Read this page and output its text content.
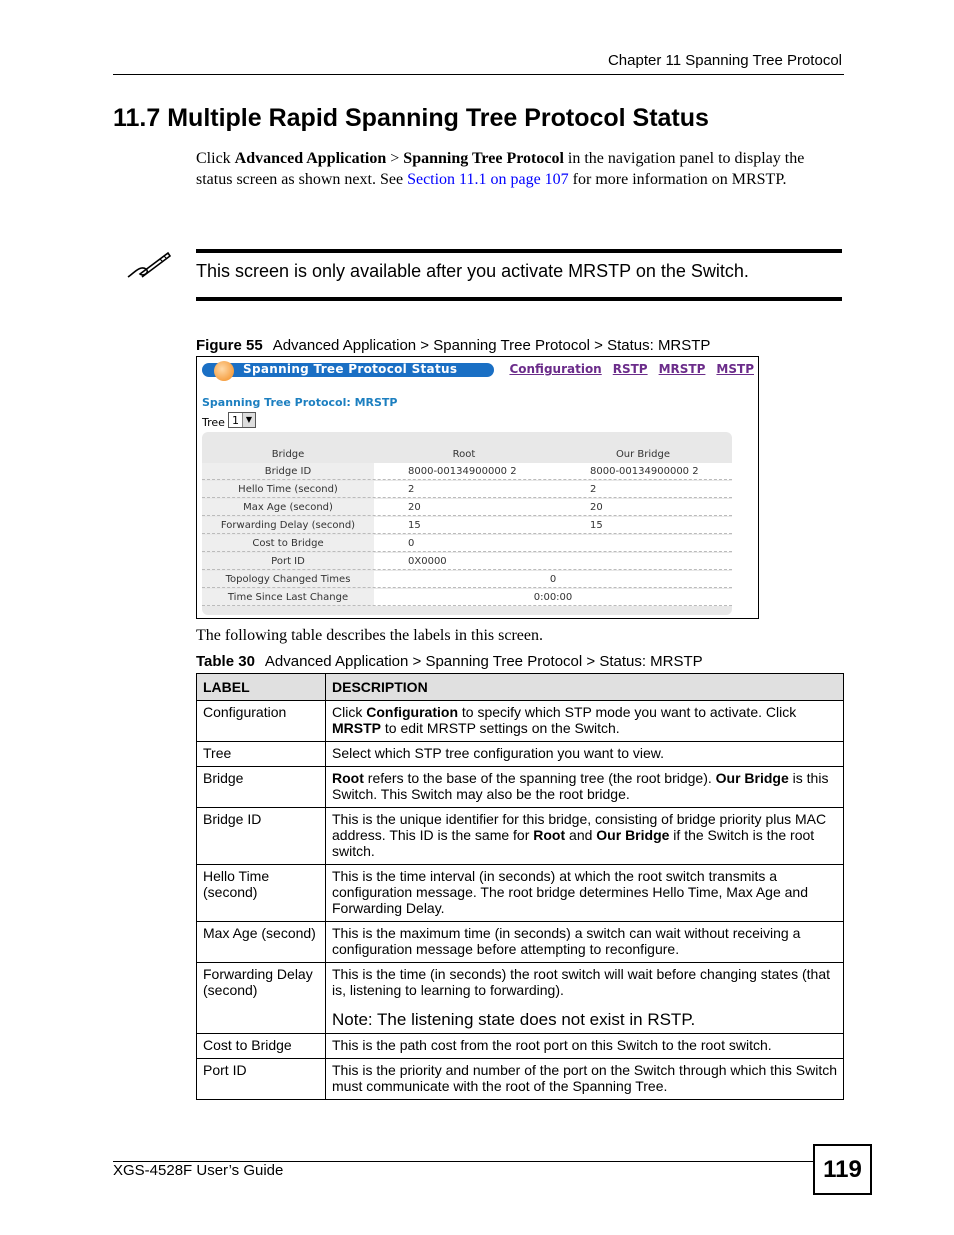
Chapter 11 Spanning Tree Protocol
11.7 Multiple Rapid Spanning Tree Protocol Status
Click Advanced Application > Spanning Tree Protocol in the navigation panel to display the status screen as shown next. See Section 11.1 on page 107 for more information on MRSTP.
This screen is only available after you activate MRSTP on the Switch.
Figure 55 Advanced Application > Spanning Tree Protocol > Status: MRSTP
Spanning Tree Protocol Status	Configuration RSTP MRSTP MSTP
Spanning Tree Protocol: MRSTP
Tree 1 ▼
Bridge	Root	Our Bridge
Bridge ID	8000-00134900000 2	8000-00134900000 2
Hello Time (second)	2	2
Max Age (second)	20	20
Forwarding Delay (second)	15	15
Cost to Bridge	0
Port ID	0X0000
Topology Changed Times	0
Time Since Last Change	0:00:00
The following table describes the labels in this screen.
Table 30 Advanced Application > Spanning Tree Protocol > Status: MRSTP
LABEL	DESCRIPTION
Configuration	Click Configuration to specify which STP mode you want to activate. Click MRSTP to edit MRSTP settings on the Switch.
Tree	Select which STP tree configuration you want to view.
Bridge	Root refers to the base of the spanning tree (the root bridge). Our Bridge is this Switch. This Switch may also be the root bridge.
Bridge ID	This is the unique identifier for this bridge, consisting of bridge priority plus MAC address. This ID is the same for Root and Our Bridge if the Switch is the root switch.
Hello Time (second)	This is the time interval (in seconds) at which the root switch transmits a configuration message. The root bridge determines Hello Time, Max Age and Forwarding Delay.
Max Age (second)	This is the maximum time (in seconds) a switch can wait without receiving a configuration message before attempting to reconfigure.
Forwarding Delay (second)	This is the time (in seconds) the root switch will wait before changing states (that is, listening to learning to forwarding).
Note: The listening state does not exist in RSTP.

Cost to Bridge	This is the path cost from the root port on this Switch to the root switch.
Port ID	This is the priority and number of the port on the Switch through which this Switch must communicate with the root of the Spanning Tree.
XGS-4528F User’s Guide	119
